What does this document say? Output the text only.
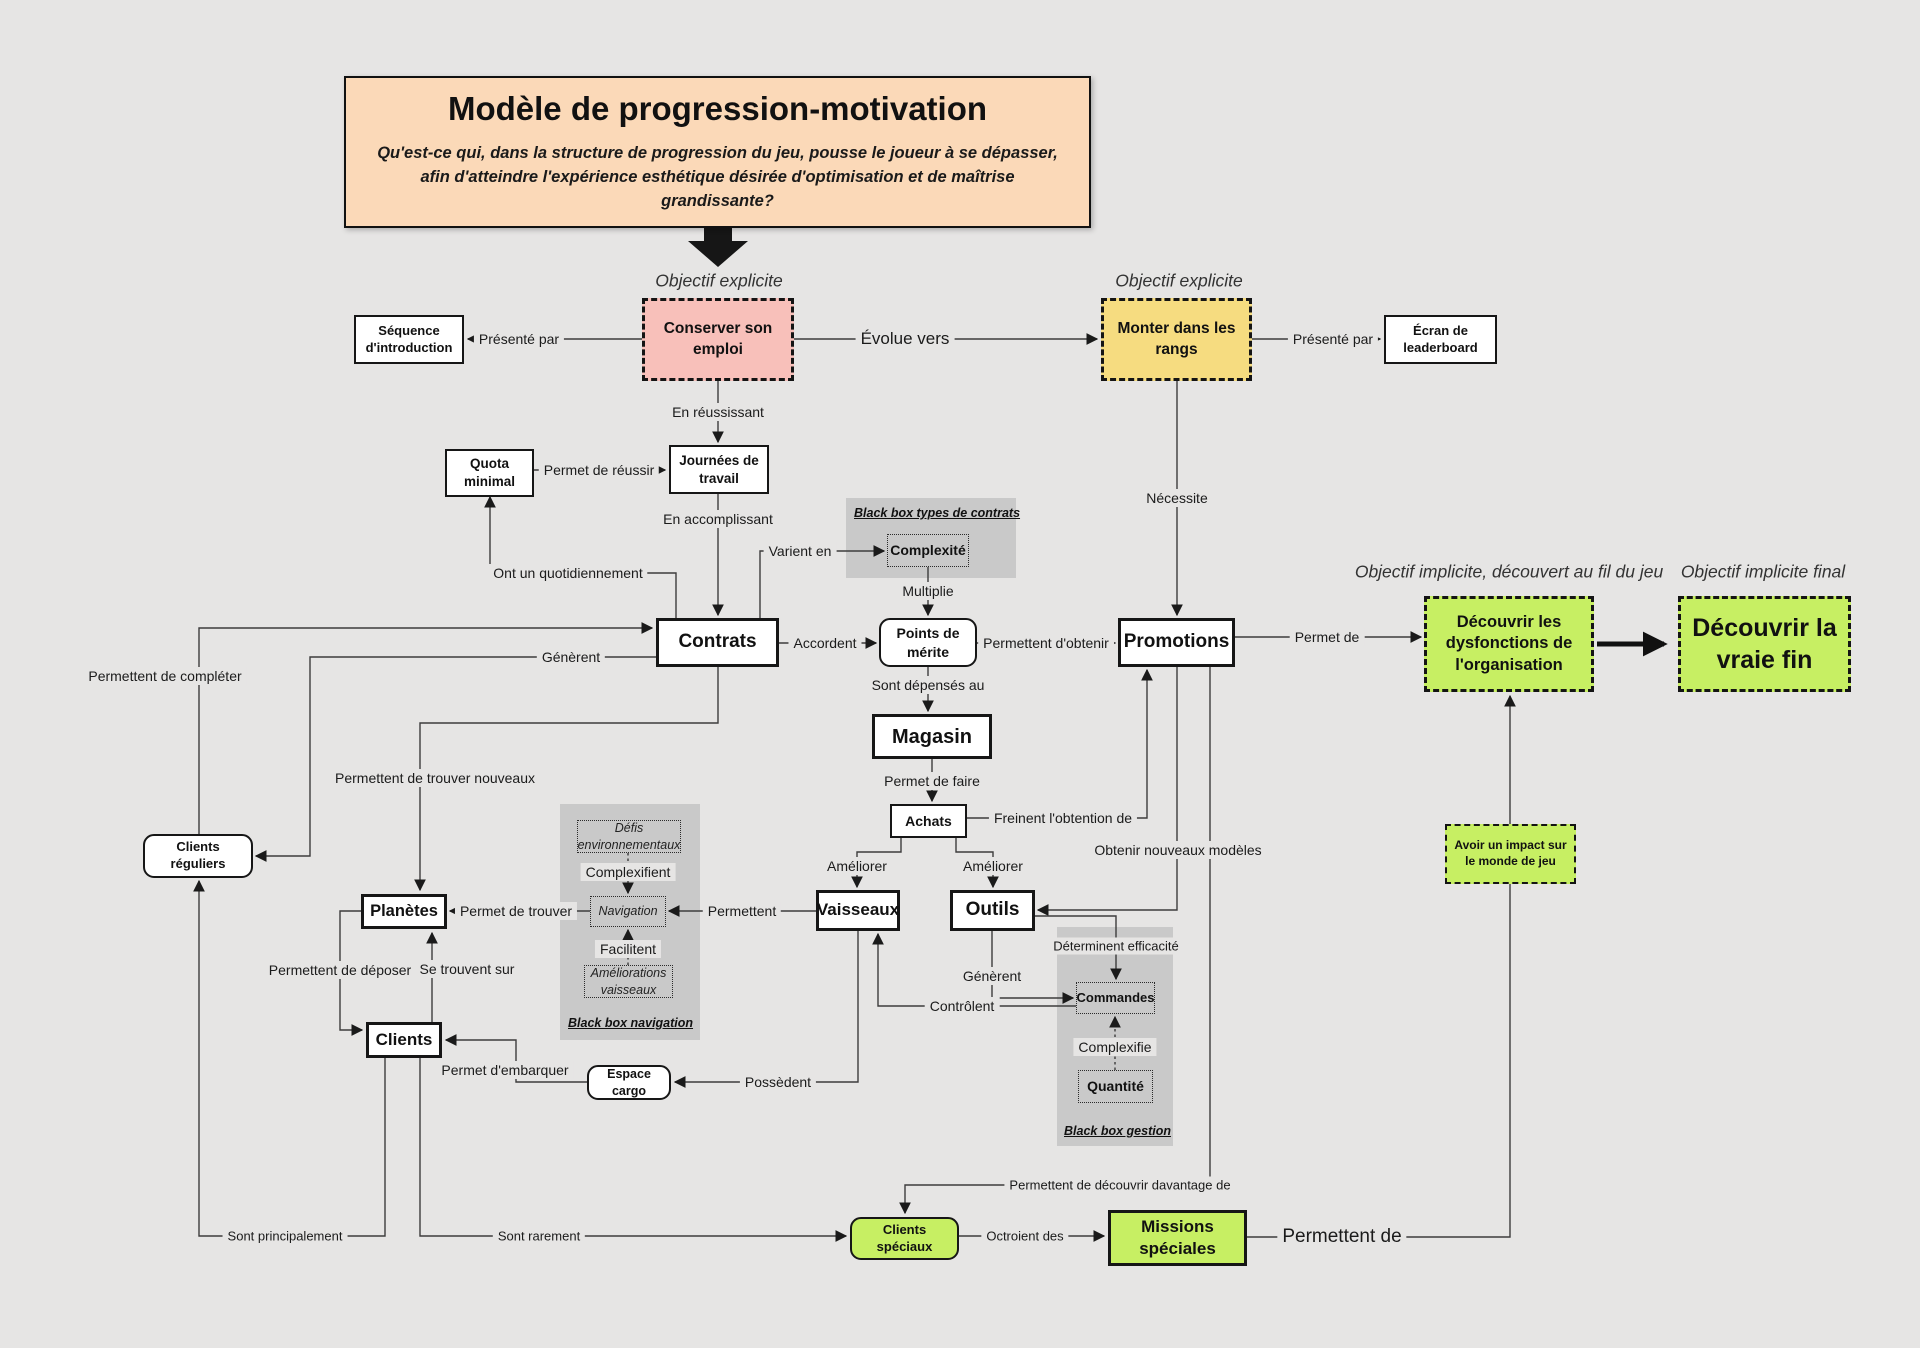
Black box types de contrats
Black box navigation
Black box gestion
Modèle de progression-motivation

Qu'est-ce qui, dans la structure de progression du jeu, pousse le joueur à se dépasser, afin d'atteindre l'expérience esthétique désirée d'optimisation et de maîtrise grandissante?

Objectif explicite	Objectif explicite
Objectif implicite, découvert au fil du jeu Objectif implicite final
Séquence d'introduction
Conserver son emploi
Monter dans les rangs
Écran de leaderboard
Quota minimal
Journées de travail
Complexité
Contrats	Points de mérite	Promotions
Découvrir les dysfonctions de l'organisation
Découvrir la vraie fin
Magasin
Achats
Défis environnementaux
Navigation
Améliorations vaisseaux
Vaisseaux	Outils
Commandes
Quantité
Clients réguliers
Planètes
Clients
Espace cargo
Clients spéciaux
Missions spéciales
Avoir un impact sur le monde de jeu
Présenté par	Évolue vers	Présenté par
En réussissant
Permet de réussir
En accomplissant
Ont un quotidiennement
Varient en
Multiplie
Accordent	Permettent d'obtenir
Nécessite
Permet de
Sont dépensés au
Permet de faire
Freinent l'obtention de
Améliorer	Améliorer
Obtenir nouveaux modèles
Génèrent
Déterminent efficacité
Contrôlent
Complexifie
Complexifient
Facilitent
Permettent
Permet de trouver
Permettent de trouver nouveaux
Génèrent
Permettent de compléter
Sont principalement	Sont rarement	Octroient des	Permettent de
Permettent de découvrir davantage de
Possèdent
Permet d'embarquer
Permettent de déposer Se trouvent sur
